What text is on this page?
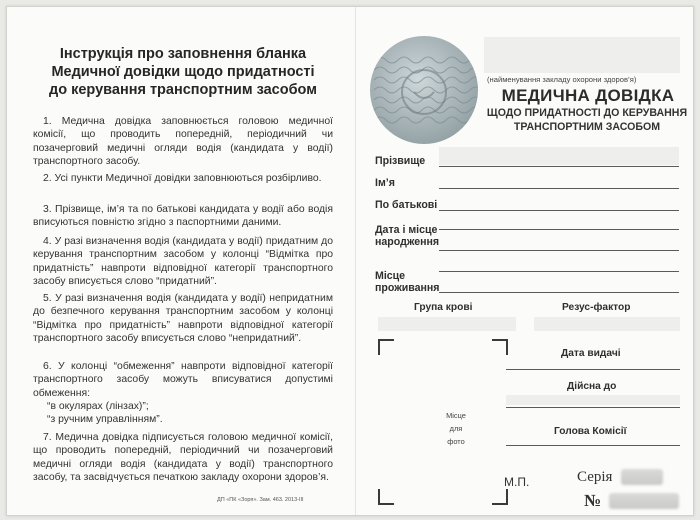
Інструкція про заповнення бланка
Медичної довідки щодо придатності
до керування транспортним засобом

1. Медична довідка заповнюється головою медичної комісії, що проводить попередній, періодичний чи позачерговий медичні огляди водія (кандидата у водії) транспортного засобу.

2. Усі пункти Медичної довідки заповнюються розбірливо.

3. Прізвище, ім’я та по батькові кандидата у водії або водія вписуються повністю згідно з паспортними даними.

4. У разі визначення водія (кандидата у водії) придатним до керування транспортним засобом у колонці “Відмітка про придатність” навпроти відповідної категорії транспортного засобу вписується слово “придатний”.

5. У разі визначення водія (кандидата у водії) непридатним до безпечного керування транспортним засобом у колонці “Відмітка про придатність” навпроти відповідної категорії транспортного засобу вписується слово “непридатний”.

6. У колонці “обмеження” навпроти відповідної категорії транспортного засобу можуть вписуватися допустимі обмеження:

“в окулярах (лінзах)”;
“з ручним управлінням”.

7. Медична довідка підписується головою медичної комісії, що проводить попередній, періодичний чи позачерговий медичні огляди водія (кандидата у водії) транспортного засобу, та засвідчується печаткою закладу охорони здоров’я.

ДП «ПК «Зоря». Зам. 463. 2013-ІІІ
(найменування закладу охорони здоров’я)
МЕДИЧНА ДОВІДКА
ЩОДО ПРИДАТНОСТІ ДО КЕРУВАННЯ
ТРАНСПОРТНИМ ЗАСОБОМ
Прізвище
Ім’я
По батькові
Дата і місце
народження
Місце
проживання
Група крові	Резус-фактор
Місце
для
фото
Дата видачі
Дійсна до
Голова Комісії
М.П.	Серія
№
